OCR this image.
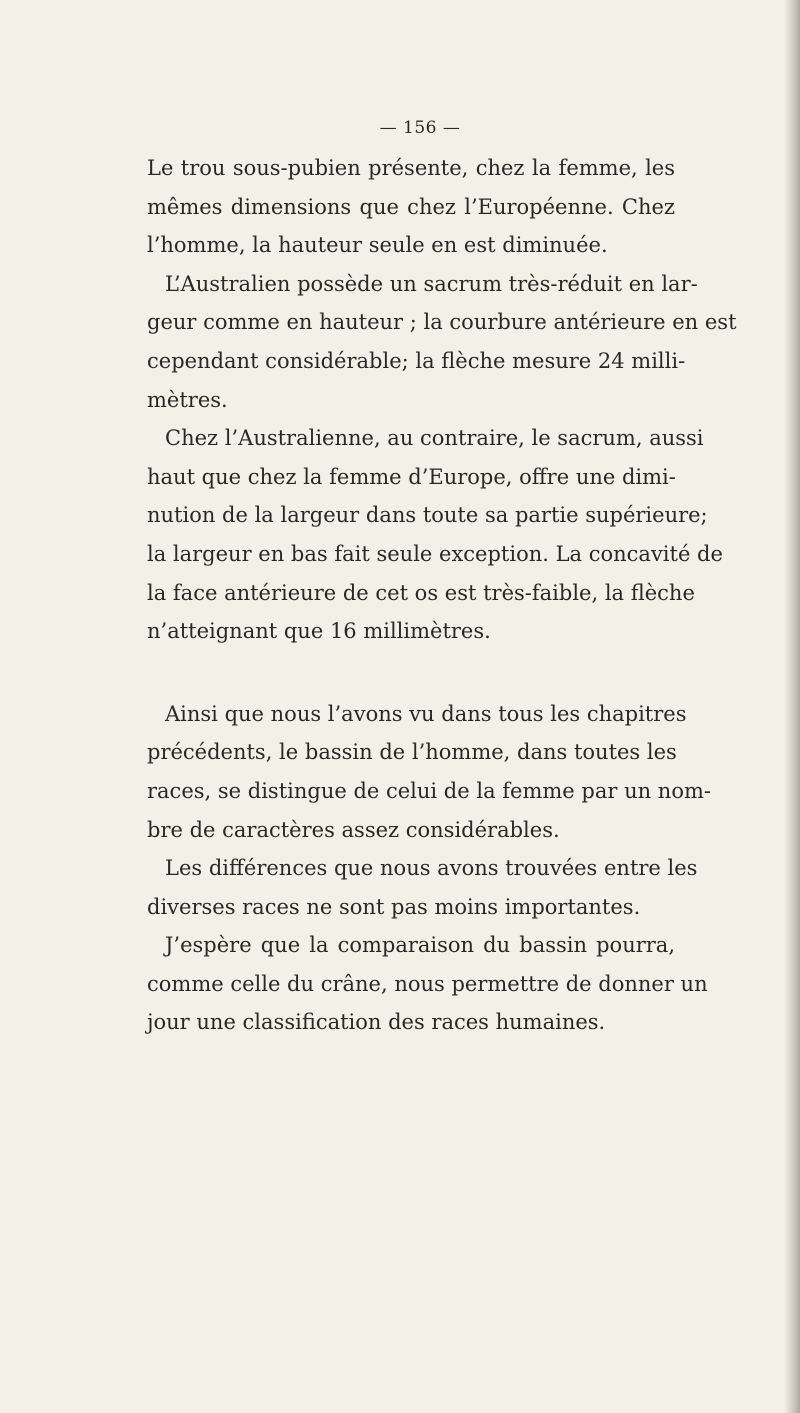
— 156 —
Le trou sous-pubien présente, chez la femme, les
mêmes dimensions que chez l’Européenne. Chez
l’homme, la hauteur seule en est diminuée.
L’Australien possède un sacrum très-réduit en lar-
geur comme en hauteur ; la courbure antérieure en est
cependant considérable; la flèche mesure 24 milli-
mètres.
Chez l’Australienne, au contraire, le sacrum, aussi
haut que chez la femme d’Europe, offre une dimi-
nution de la largeur dans toute sa partie supérieure;
la largeur en bas fait seule exception. La concavité de
la face antérieure de cet os est très-faible, la flèche
n’atteignant que 16 millimètres.
Ainsi que nous l’avons vu dans tous les chapitres
précédents, le bassin de l’homme, dans toutes les
races, se distingue de celui de la femme par un nom-
bre de caractères assez considérables.
Les différences que nous avons trouvées entre les
diverses races ne sont pas moins importantes.
J’espère que la comparaison du bassin pourra,
comme celle du crâne, nous permettre de donner un
jour une classification des races humaines.
